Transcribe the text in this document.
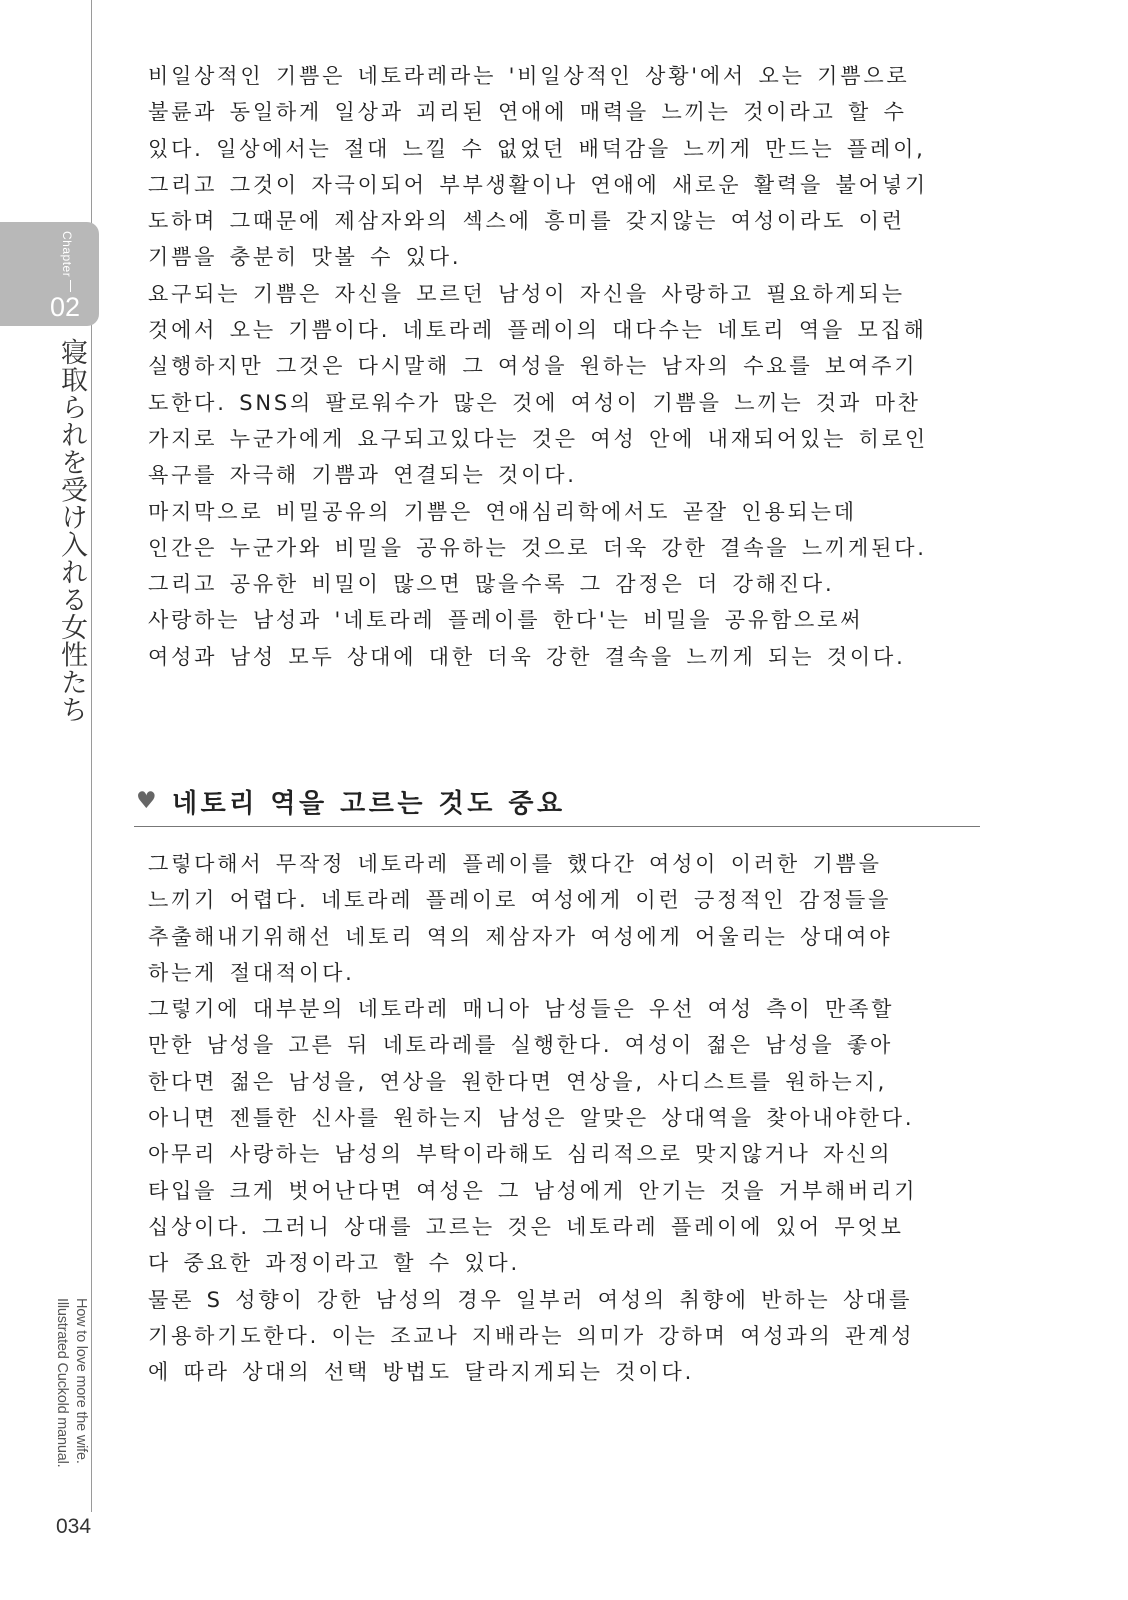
Chapter
02
寝取られを受け入れる女性たち
How to love more the wife.
Illustrated Cuckold manual.
034
비일상적인 기쁨은 네토라레라는 '비일상적인 상황'에서 오는 기쁨으로
불륜과 동일하게 일상과 괴리된 연애에 매력을 느끼는 것이라고 할 수
있다. 일상에서는 절대 느낄 수 없었던 배덕감을 느끼게 만드는 플레이,
그리고 그것이 자극이되어 부부생활이나 연애에 새로운 활력을 불어넣기
도하며 그때문에 제삼자와의 섹스에 흥미를 갖지않는 여성이라도 이런
기쁨을 충분히 맛볼 수 있다.
요구되는 기쁨은 자신을 모르던 남성이 자신을 사랑하고 필요하게되는
것에서 오는 기쁨이다. 네토라레 플레이의 대다수는 네토리 역을 모집해
실행하지만 그것은 다시말해 그 여성을 원하는 남자의 수요를 보여주기
도한다. SNS의 팔로워수가 많은 것에 여성이 기쁨을 느끼는 것과 마찬
가지로 누군가에게 요구되고있다는 것은 여성 안에 내재되어있는 히로인
욕구를 자극해 기쁨과 연결되는 것이다.
마지막으로 비밀공유의 기쁨은 연애심리학에서도 곧잘 인용되는데
인간은 누군가와 비밀을 공유하는 것으로 더욱 강한 결속을 느끼게된다.
그리고 공유한 비밀이 많으면 많을수록 그 감정은 더 강해진다.
사랑하는 남성과 '네토라레 플레이를 한다'는 비밀을 공유함으로써
여성과 남성 모두 상대에 대한 더욱 강한 결속을 느끼게 되는 것이다.
♥ 네토리 역을 고르는 것도 중요
그렇다해서 무작정 네토라레 플레이를 했다간 여성이 이러한 기쁨을
느끼기 어렵다. 네토라레 플레이로 여성에게 이런 긍정적인 감정들을
추출해내기위해선 네토리 역의 제삼자가 여성에게 어울리는 상대여야
하는게 절대적이다.
그렇기에 대부분의 네토라레 매니아 남성들은 우선 여성 측이 만족할
만한 남성을 고른 뒤 네토라레를 실행한다. 여성이 젊은 남성을 좋아
한다면 젊은 남성을, 연상을 원한다면 연상을, 사디스트를 원하는지,
아니면 젠틀한 신사를 원하는지 남성은 알맞은 상대역을 찾아내야한다.
아무리 사랑하는 남성의 부탁이라해도 심리적으로 맞지않거나 자신의
타입을 크게 벗어난다면 여성은 그 남성에게 안기는 것을 거부해버리기
십상이다. 그러니 상대를 고르는 것은 네토라레 플레이에 있어 무엇보
다 중요한 과정이라고 할 수 있다.
물론 S 성향이 강한 남성의 경우 일부러 여성의 취향에 반하는 상대를
기용하기도한다. 이는 조교나 지배라는 의미가 강하며 여성과의 관계성
에 따라 상대의 선택 방법도 달라지게되는 것이다.
